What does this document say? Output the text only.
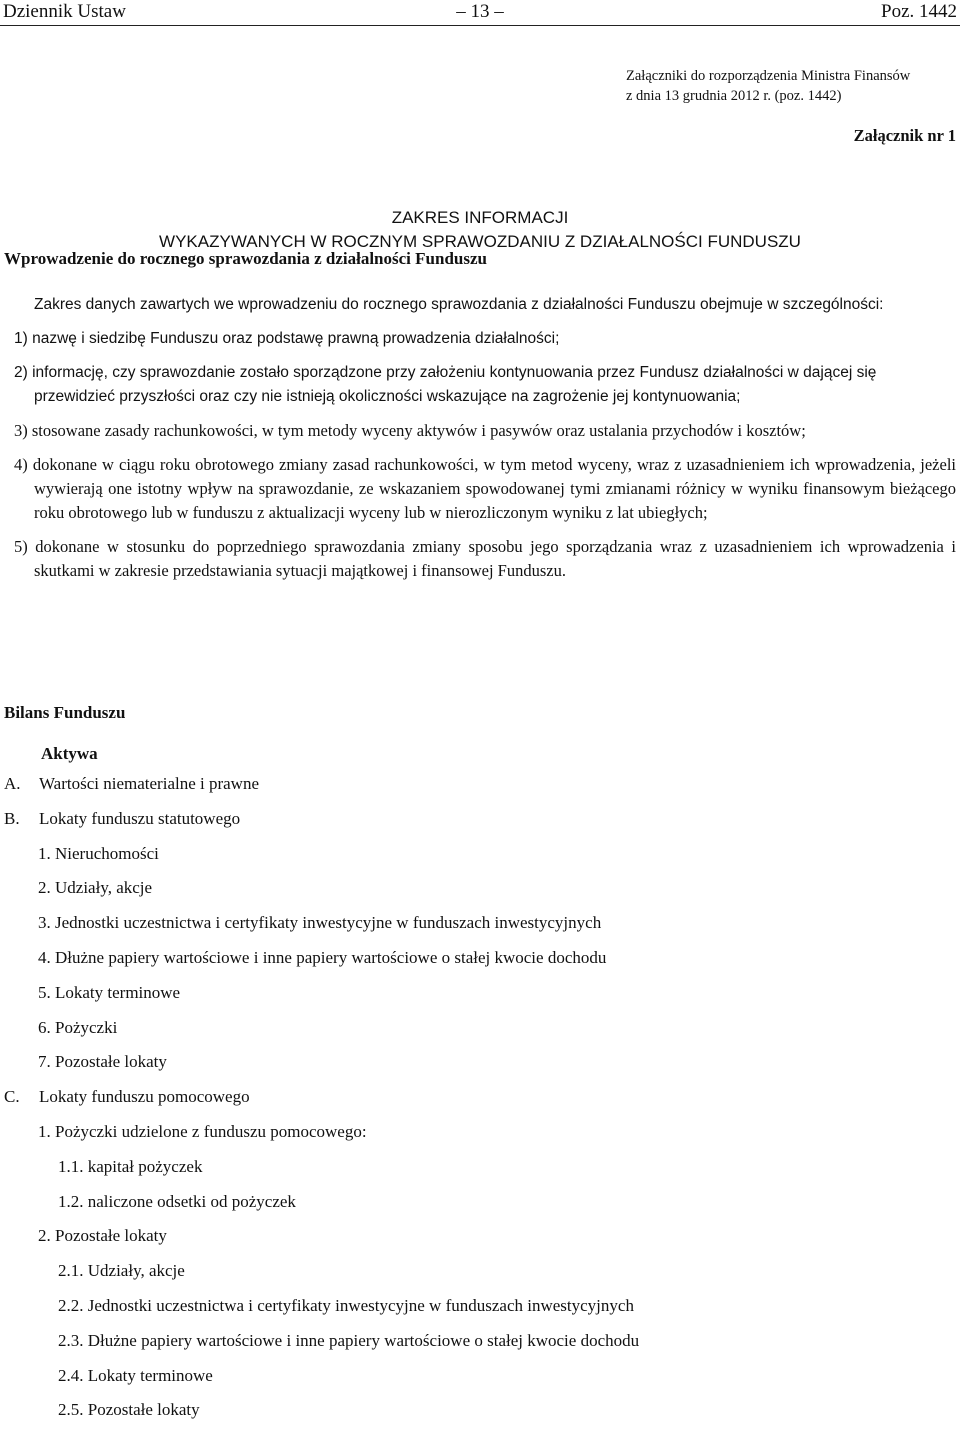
Dziennik Ustaw	– 13 –	Poz. 1442
Załączniki do rozporządzenia Ministra Finansów
z dnia 13 grudnia 2012 r. (poz. 1442)
Załącznik nr 1
ZAKRES INFORMACJI
WYKAZYWANYCH W ROCZNYM SPRAWOZDANIU Z DZIAŁALNOŚCI FUNDUSZU
Wprowadzenie do rocznego sprawozdania z działalności Funduszu

Zakres danych zawartych we wprowadzeniu do rocznego sprawozdania z działalności Funduszu obejmuje w szczególności:

1) nazwę i siedzibę Funduszu oraz podstawę prawną prowadzenia działalności;

2) informację, czy sprawozdanie zostało sporządzone przy założeniu kontynuowania przez Fundusz działalności w dającej się przewidzieć przyszłości oraz czy nie istnieją okoliczności wskazujące na zagrożenie jej kontynuowania;

3) stosowane zasady rachunkowości, w tym metody wyceny aktywów i pasywów oraz ustalania przychodów i kosztów;

4) dokonane w ciągu roku obrotowego zmiany zasad rachunkowości, w tym metod wyceny, wraz z uzasadnieniem ich wprowadzenia, jeżeli wywierają one istotny wpływ na sprawozdanie, ze wskazaniem spowodowanej tymi zmianami różnicy w wyniku finansowym bieżącego roku obrotowego lub w funduszu z aktualizacji wyceny lub w nierozliczonym wyniku z lat ubiegłych;

5) dokonane w stosunku do poprzedniego sprawozdania zmiany sposobu jego sporządzania wraz z uzasadnieniem ich wprowadzenia i skutkami w zakresie przedstawiania sytuacji majątkowej i finansowej Funduszu.

Bilans Funduszu
Aktywa
A. Wartości niematerialne i prawne
B. Lokaty funduszu statutowego
1. Nieruchomości
2. Udziały, akcje
3. Jednostki uczestnictwa i certyfikaty inwestycyjne w funduszach inwestycyjnych
4. Dłużne papiery wartościowe i inne papiery wartościowe o stałej kwocie dochodu
5. Lokaty terminowe
6. Pożyczki
7. Pozostałe lokaty
C. Lokaty funduszu pomocowego
1. Pożyczki udzielone z funduszu pomocowego:
1.1. kapitał pożyczek
1.2. naliczone odsetki od pożyczek
2. Pozostałe lokaty
2.1. Udziały, akcje
2.2. Jednostki uczestnictwa i certyfikaty inwestycyjne w funduszach inwestycyjnych
2.3. Dłużne papiery wartościowe i inne papiery wartościowe o stałej kwocie dochodu
2.4. Lokaty terminowe
2.5. Pozostałe lokaty
